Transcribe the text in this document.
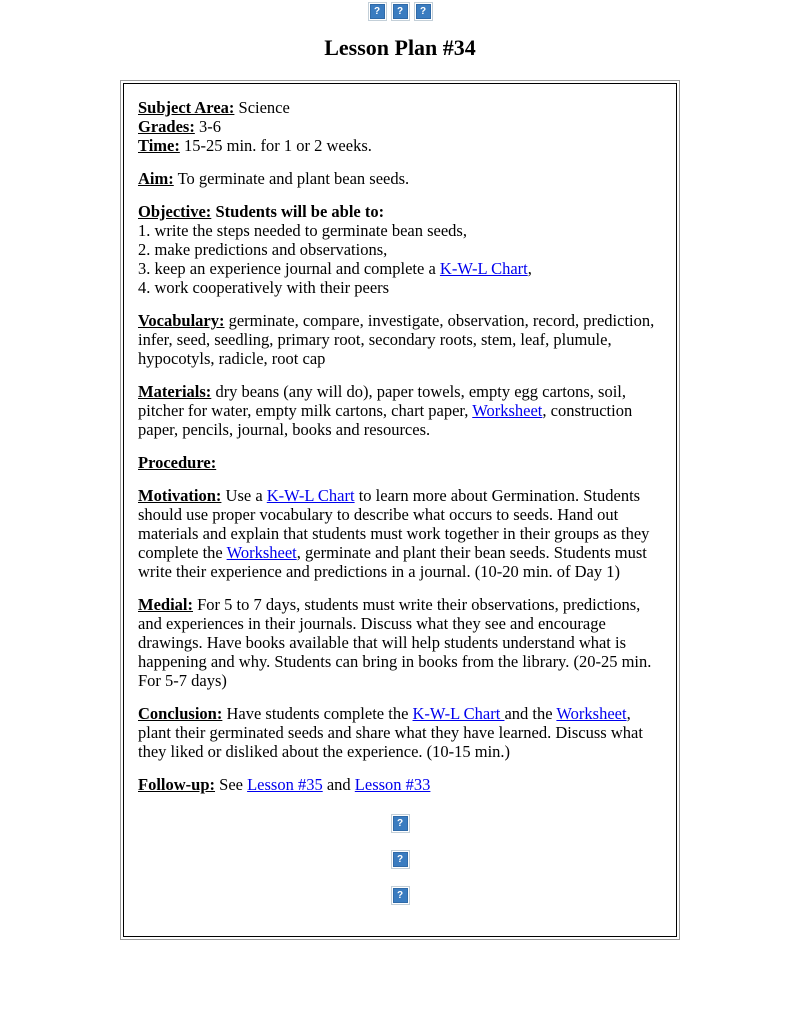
?	?	?
Lesson Plan #34
Subject Area: Science
Grades: 3-6
Time: 15-25 min. for 1 or 2 weeks.
Aim: To germinate and plant bean seeds.
Objective: Students will be able to:
1. write the steps needed to germinate bean seeds,
2. make predictions and observations,
3. keep an experience journal and complete a K-W-L Chart,
4. work cooperatively with their peers
Vocabulary: germinate, compare, investigate, observation, record, prediction, infer, seed, seedling, primary root, secondary roots, stem, leaf, plumule, hypocotyls, radicle, root cap
Materials: dry beans (any will do), paper towels, empty egg cartons, soil, pitcher for water, empty milk cartons, chart paper, Worksheet, construction paper, pencils, journal, books and resources.
Procedure:
Motivation: Use a K-W-L Chart to learn more about Germination. Students should use proper vocabulary to describe what occurs to seeds. Hand out materials and explain that students must work together in their groups as they complete the Worksheet, germinate and plant their bean seeds. Students must write their experience and predictions in a journal. (10-20 min. of Day 1)
Medial: For 5 to 7 days, students must write their observations, predictions, and experiences in their journals. Discuss what they see and encourage drawings. Have books available that will help students understand what is happening and why. Students can bring in books from the library. (20-25 min. For 5-7 days)
Conclusion: Have students complete the K-W-L Chart and the Worksheet, plant their germinated seeds and share what they have learned. Discuss what they liked or disliked about the experience. (10-15 min.)
Follow-up: See Lesson #35 and Lesson #33
?
?
?
